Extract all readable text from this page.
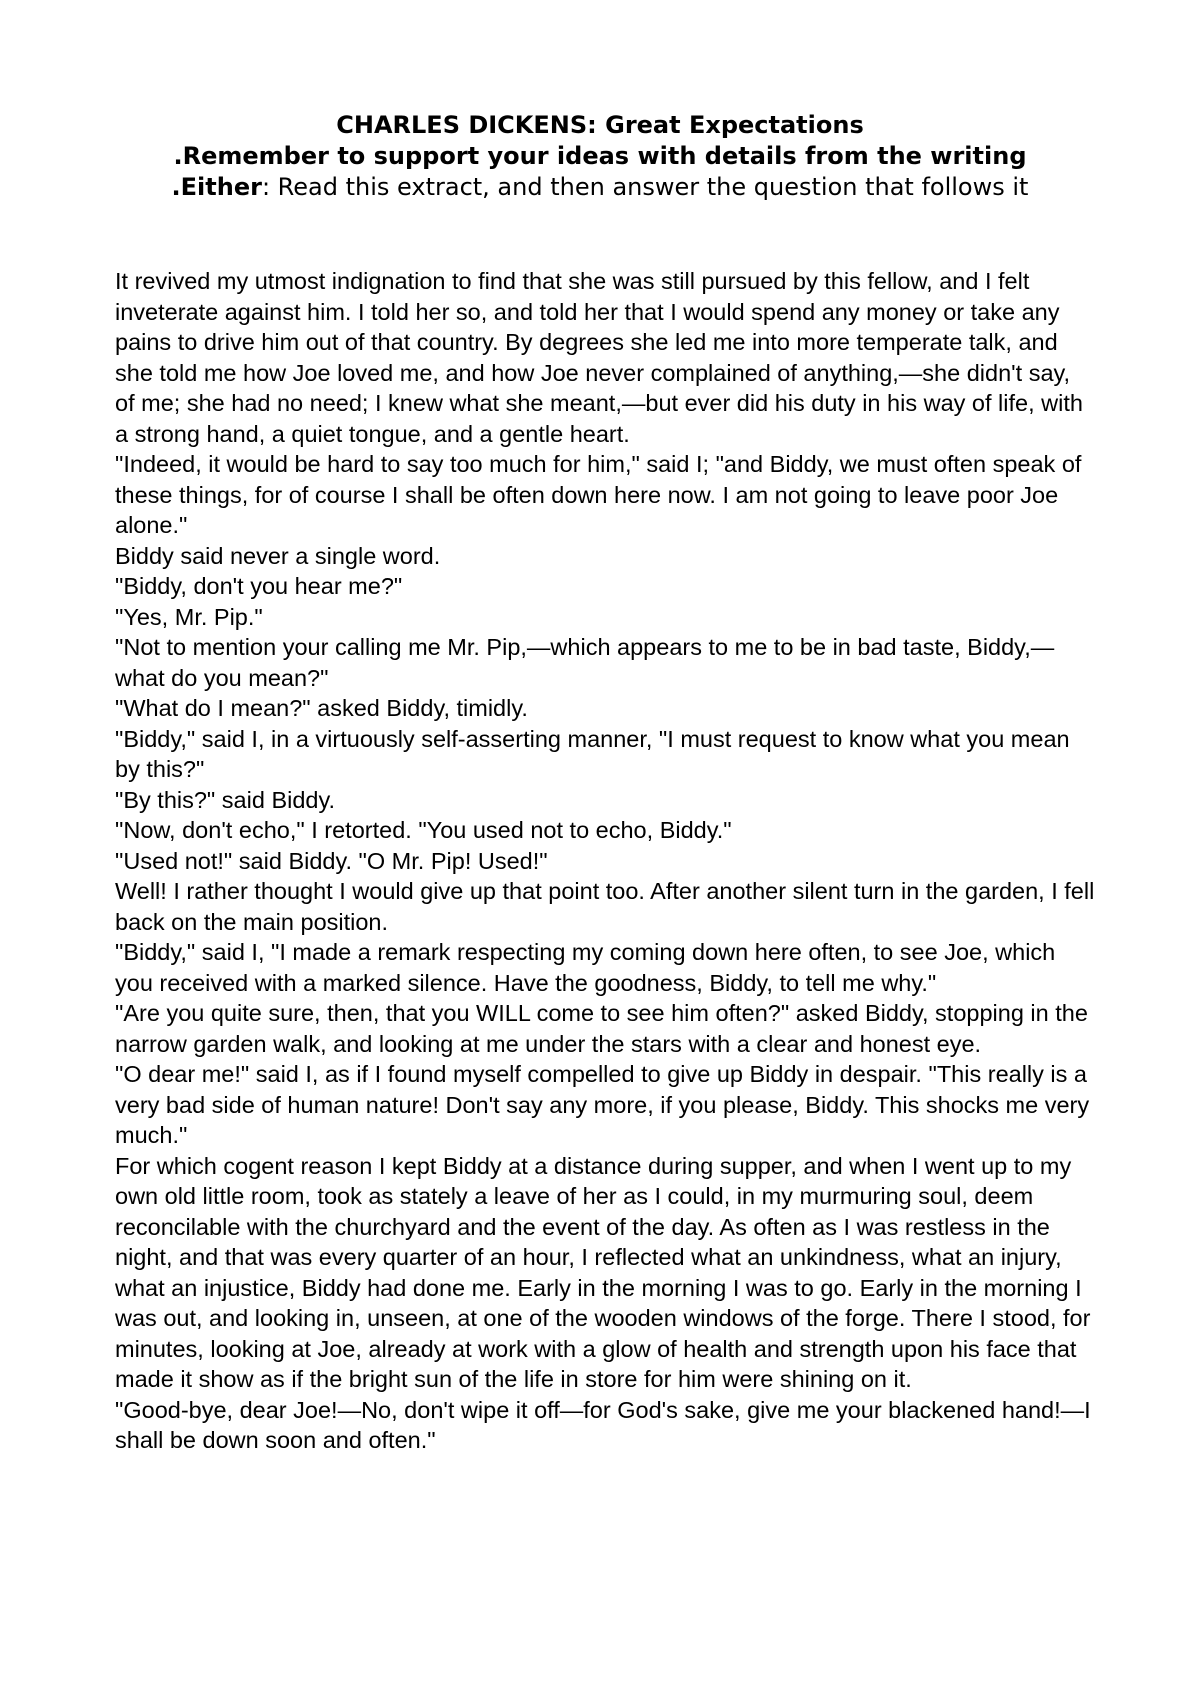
CHARLES DICKENS: Great Expectations
.Remember to support your ideas with details from the writing
.Either: Read this extract, and then answer the question that follows it

It revived my utmost indignation to find that she was still pursued by this fellow, and I felt inveterate against him. I told her so, and told her that I would spend any money or take any pains to drive him out of that country. By degrees she led me into more temperate talk, and she told me how Joe loved me, and how Joe never complained of anything,—she didn't say, of me; she had no need; I knew what she meant,—but ever did his duty in his way of life, with a strong hand, a quiet tongue, and a gentle heart.

"Indeed, it would be hard to say too much for him," said I; "and Biddy, we must often speak of these things, for of course I shall be often down here now. I am not going to leave poor Joe alone."

Biddy said never a single word.

"Biddy, don't you hear me?"

"Yes, Mr. Pip."

"Not to mention your calling me Mr. Pip,—which appears to me to be in bad taste, Biddy,—what do you mean?"

"What do I mean?" asked Biddy, timidly.

"Biddy," said I, in a virtuously self-asserting manner, "I must request to know what you mean by this?"

"By this?" said Biddy.

"Now, don't echo," I retorted. "You used not to echo, Biddy."

"Used not!" said Biddy. "O Mr. Pip! Used!"

Well! I rather thought I would give up that point too. After another silent turn in the garden, I fell back on the main position.

"Biddy," said I, "I made a remark respecting my coming down here often, to see Joe, which you received with a marked silence. Have the goodness, Biddy, to tell me why."

"Are you quite sure, then, that you WILL come to see him often?" asked Biddy, stopping in the narrow garden walk, and looking at me under the stars with a clear and honest eye.

"O dear me!" said I, as if I found myself compelled to give up Biddy in despair. "This really is a very bad side of human nature! Don't say any more, if you please, Biddy. This shocks me very much."

For which cogent reason I kept Biddy at a distance during supper, and when I went up to my own old little room, took as stately a leave of her as I could, in my murmuring soul, deem reconcilable with the churchyard and the event of the day. As often as I was restless in the night, and that was every quarter of an hour, I reflected what an unkindness, what an injury, what an injustice, Biddy had done me. Early in the morning I was to go. Early in the morning I was out, and looking in, unseen, at one of the wooden windows of the forge. There I stood, for minutes, looking at Joe, already at work with a glow of health and strength upon his face that made it show as if the bright sun of the life in store for him were shining on it.

"Good-bye, dear Joe!—No, don't wipe it off—for God's sake, give me your blackened hand!—I shall be down soon and often."
